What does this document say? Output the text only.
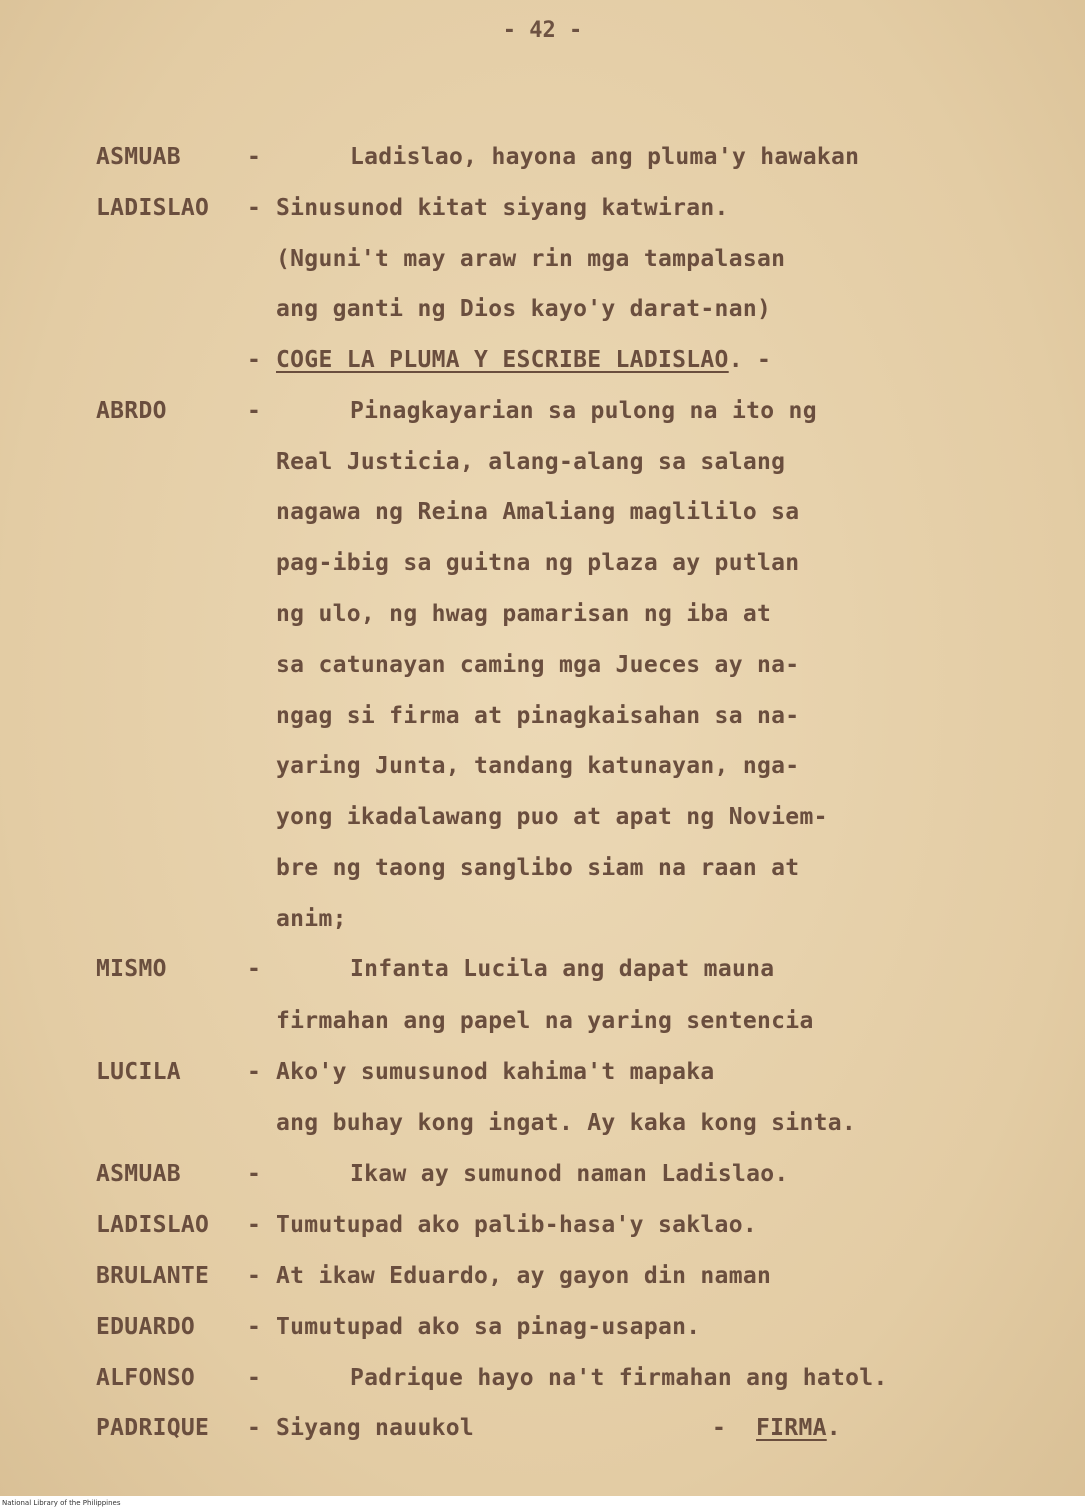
- 42 -
ASMUAB	-	Ladislao, hayona ang pluma'y hawakan
LADISLAO - Sinusunod kitat siyang katwiran.
(Nguni't may araw rin mga tampalasan
ang ganti ng Dios kayo'y darat-nan)
- COGE LA PLUMA Y ESCRIBE LADISLAO. -
ABRDO	-	Pinagkayarian sa pulong na ito ng
Real Justicia, alang-alang sa salang
nagawa ng Reina Amaliang maglililo sa
pag-ibig sa guitna ng plaza ay putlan
ng ulo, ng hwag pamarisan ng iba at
sa catunayan caming mga Jueces ay na-
ngag si firma at pinagkaisahan sa na-
yaring Junta, tandang katunayan, nga-
yong ikadalawang puo at apat ng Noviem-
bre ng taong sanglibo siam na raan at
anim;
MISMO	-	Infanta Lucila ang dapat mauna
firmahan ang papel na yaring sentencia
LUCILA	- Ako'y sumusunod kahima't mapaka
ang buhay kong ingat. Ay kaka kong sinta.
ASMUAB	-	Ikaw ay sumunod naman Ladislao.
LADISLAO - Tumutupad ako palib-hasa'y saklao.
BRULANTE - At ikaw Eduardo, ay gayon din naman
EDUARDO - Tumutupad ako sa pinag-usapan.
ALFONSO -	Padrique hayo na't firmahan ang hatol.
PADRIQUE - Siyang nauukol	- FIRMA.
National Library of the Philippines
